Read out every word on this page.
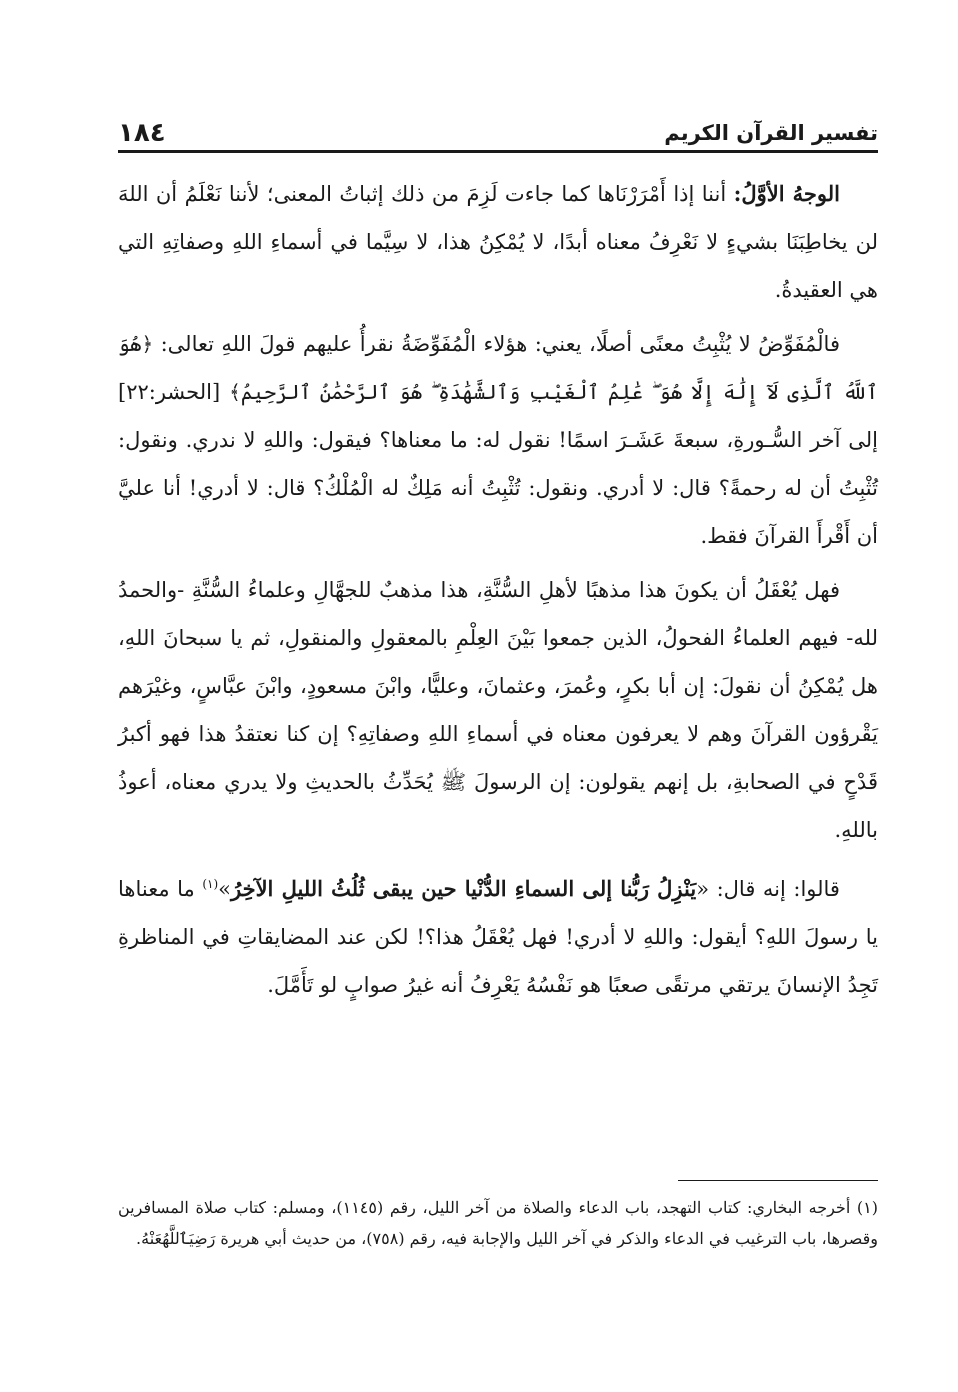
تفسير القرآن الكريم
١٨٤

الوجهُ الأوَّلُ: أننا إذا أَمْرَرْنَاها كما جاءت لَزِمَ من ذلك إثباتُ المعنى؛ لأننا نَعْلَمُ أن اللهَ لن يخاطِبَنَا بشيءٍ لا نَعْرِفُ معناه أبدًا، لا يُمْكِنُ هذا، لا سِيَّما في أسماءِ اللهِ وصفاتِهِ التي هي العقيدةُ.

فالْمُفَوِّضُ لا يُثْبِتُ معنًى أصلًا، يعني: هؤلاء الْمُفَوِّضَةُ نقرأُ عليهم قولَ اللهِ تعالى: ﴿هُوَ ٱللَّهُ ٱلَّذِى لَآ إِلَٰهَ إِلَّا هُوَ ۖ عَٰلِمُ ٱلْغَيْبِ وَٱلشَّهَٰدَةِ ۖ هُوَ ٱلرَّحْمَٰنُ ٱلرَّحِيمُ﴾ [الحشر:٢٢] إلى آخر السُّـورةِ، سبعةَ عَشَـرَ اسمًا! نقول له: ما معناها؟ فيقول: واللهِ لا ندري. ونقول: تُثْبِتُ أن له رحمةً؟ قال: لا أدري. ونقول: تُثْبِتُ أنه مَلِكٌ له الْمُلْكُ؟ قال: لا أدري! أنا عليَّ أن أَقْرأَ القرآنَ فقط.

فهل يُعْقَلُ أن يكونَ هذا مذهبًا لأهلِ السُّنَّةِ، هذا مذهبٌ للجهَّالِ وعلماءُ السُّنَّةِ -والحمدُ لله- فيهم العلماءُ الفحولُ، الذين جمعوا بَيْنَ العِلْمِ بالمعقولِ والمنقولِ، ثم يا سبحانَ اللهِ، هل يُمْكِنُ أن نقولَ: إن أبا بكرٍ، وعُمرَ، وعثمانَ، وعليًّا، وابْنَ مسعودٍ، وابْنَ عبَّاسٍ، وغيْرَهم يَقْرؤون القرآنَ وهم لا يعرفون معناه في أسماءِ اللهِ وصفاتِهِ؟ إن كنا نعتقدُ هذا فهو أكبرُ قَدْحٍ في الصحابةِ، بل إنهم يقولون: إن الرسولَ ﷺ يُحَدِّثُ بالحديثِ ولا يدري معناه، أعوذُ باللهِ.

قالوا: إنه قال: «يَنْزِلُ رَبُّنا إلى السماءِ الدُّنْيا حين يبقى ثُلُثُ الليلِ الآخِرُ»$^{(١)}$ ما معناها يا رسولَ اللهِ؟ أيقول: واللهِ لا أدري! فهل يُعْقَلُ هذا؟! لكن عند المضايقاتِ في المناظرةِ تَجِدُ الإنسانَ يرتقي مرتقًى صعبًا هو نَفْسُهُ يَعْرِفُ أنه غيرُ صوابٍ لو تَأَمَّلَ.

(١) أخرجه البخاري: كتاب التهجد، باب الدعاء والصلاة من آخر الليل، رقم (١١٤٥)، ومسلم: كتاب صلاة المسافرين وقصرها، باب الترغيب في الدعاء والذكر في آخر الليل والإجابة فيه، رقم (٧٥٨)، من حديث أبي هريرة رَضِيَٱللَّهُعَنْهُ.
